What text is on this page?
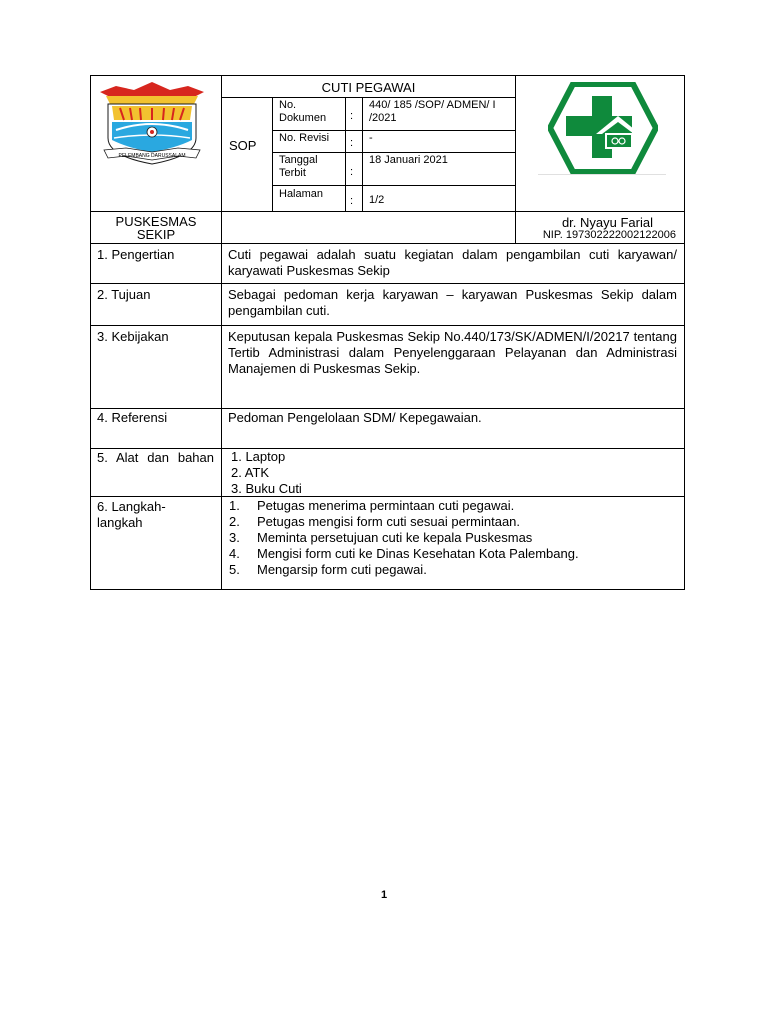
PELEMBANG DARUSSALAM
CUTI PEGAWAI
SOP
No. Dokumen	:
440/ 185 /SOP/ ADMEN/ I /2021
No. Revisi : -
Tanggal Terbit	:
18 Januari 2021
Halaman
: 1/2
PUSKESMAS
SEKIP
dr. Nyayu Farial
NIP. 197302222002122006
1. Pengertian	Cuti pegawai adalah suatu kegiatan dalam pengambilan cuti karyawan/ karyawati Puskesmas Sekip
2. Tujuan	Sebagai pedoman kerja karyawan – karyawan Puskesmas Sekip dalam pengambilan cuti.
3. Kebijakan	Keputusan kepala Puskesmas Sekip No.440/173/SK/ADMEN/I/20217 tentang Tertib Administrasi dalam Penyelenggaraan Pelayanan dan Administrasi Manajemen di Puskesmas Sekip.
4. Referensi	Pedoman Pengelolaan SDM/ Kepegawaian.
5. Alat dan bahan 1. Laptop
2. ATK
3. Buku Cuti
6. Langkah-langkah
1. Petugas menerima permintaan cuti pegawai.
2. Petugas mengisi form cuti sesuai permintaan.
3. Meminta persetujuan cuti ke kepala Puskesmas
4. Mengisi form cuti ke Dinas Kesehatan Kota Palembang.
5. Mengarsip form cuti pegawai.
1
